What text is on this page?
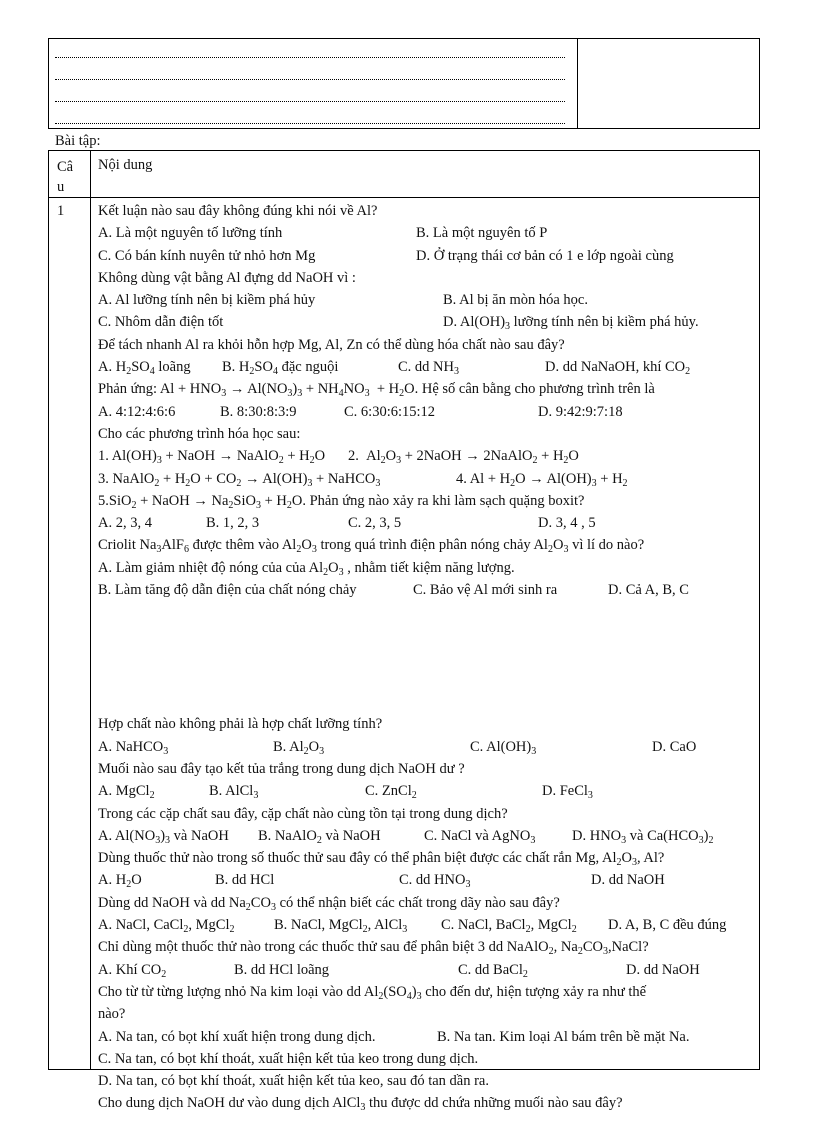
Bài tập:
Câ
u
Nội dung
1 Kết luận nào sau đây không đúng khi nói về Al?
A. Là một nguyên tố lưỡng tính	B. Là một nguyên tố P
C. Có bán kính nuyên tử nhỏ hơn Mg	D. Ở trạng thái cơ bản có 1 e lớp ngoài cùng
Không dùng vật bằng Al đựng dd NaOH vì :
A. Al lưỡng tính nên bị kiềm phá hủy	B. Al bị ăn mòn hóa học.
C. Nhôm dẫn điện tốt	D. $Al(OH)_3$ lưỡng tính nên bị kiềm phá hủy.
Để tách nhanh Al ra khỏi hỗn hợp Mg, Al, Zn có thể dùng hóa chất nào sau đây?
A. $H_2SO_4$ loãng B. $H_2SO_4$ đặc nguội	C. dd $NH_3$	D. dd NaNaOH, khí $CO_2$
Phản ứng: $Al + HNO_3 \to Al(NO_3)_3 + NH_4NO_3 + H_2O$. Hệ số cân bằng cho phương trình trên là
A. 4:12:4:6:6	B. 8:30:8:3:9	C. 6:30:6:15:12	D. 9:42:9:7:18
Cho các phương trình hóa học sau:
1. $Al(OH)_3$ + NaOH → NaAlO$_2$ + $H_2O$ 2.  $Al_2O_3$ + 2NaOH → 2NaAlO$_2$ + $H_2O$
3. NaAlO$_2$ + $H_2O + CO_2 \to Al(OH)_3$ + NaHCO$_3$	4. $Al + H_2O \to Al(OH)_3 + H_2$
5.SiO$_2$ + NaOH → $Na_2SiO_3 + H_2O$. Phản ứng nào xảy ra khi làm sạch quặng boxit?
A. 2, 3, 4	B. 1, 2, 3	C. 2, 3, 5	D. 3, 4 , 5
Criolit $Na_3AlF_6$ được thêm vào $Al_2O_3$ trong quá trình điện phân nóng chảy $Al_2O_3$ vì lí do nào?
A. Làm giảm nhiệt độ nóng của của $Al_2O_3$ , nhằm tiết kiệm năng lượng.
B. Làm tăng độ dẫn điện của chất nóng chảy	C. Bảo vệ Al mới sinh ra	D. Cả A, B, C
Hợp chất nào không phải là hợp chất lưỡng tính?
A. NaHCO$_3$	B. $Al_2O_3$	C. $Al(OH)_3$	D. CaO
Muối nào sau đây tạo kết tủa trắng trong dung dịch NaOH dư ?
A. MgCl$_2$	B. AlCl$_3$	C. ZnCl$_2$	D. FeCl$_3$
Trong các cặp chất sau đây, cặp chất nào cùng tồn tại trong dung dịch?
A. $Al(NO_3)_3$ và NaOH B. NaAlO$_2$ và NaOH	C. NaCl và AgNO$_3$	D. $HNO_3$ và $Ca(HCO_3)_2$
Dùng thuốc thử nào trong số thuốc thử sau đây có thể phân biệt được các chất rắn Mg, $Al_2O_3$, Al?
A. $H_2O$	B. dd HCl	C. dd $HNO_3$	D. dd NaOH
Dùng dd NaOH và dd $Na_2CO_3$ có thể nhận biết các chất trong dãy nào sau đây?
A. NaCl, CaCl$_2$, MgCl$_2$	B. NaCl, MgCl$_2$, AlCl$_3$ C. NaCl, BaCl$_2$, MgCl$_2$ D. A, B, C đều đúng
Chỉ dùng một thuốc thử nào trong các thuốc thử sau để phân biệt 3 dd NaAlO$_2$, $Na_2CO_3,NaCl$?
A. Khí $CO_2$	B. dd HCl loãng	C. dd BaCl$_2$	D. dd NaOH
Cho từ từ từng lượng nhỏ Na kim loại vào dd $Al_2(SO_4)_3$ cho đến dư, hiện tượng xảy ra như thế
nào?
A. Na tan, có bọt khí xuất hiện trong dung dịch.	B. Na tan. Kim loại Al bám trên bề mặt Na.
C. Na tan, có bọt khí thoát, xuất hiện kết tủa keo trong dung dịch.
D. Na tan, có bọt khí thoát, xuất hiện kết tủa keo, sau đó tan dần ra.
Cho dung dịch NaOH dư vào dung dịch AlCl$_3$ thu được dd chứa những muối nào sau đây?
